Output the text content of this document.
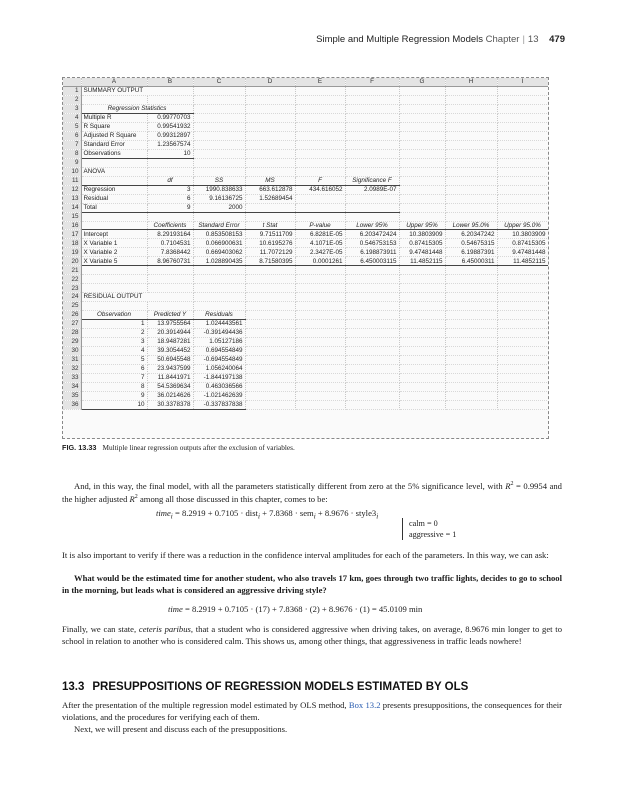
Simple and Multiple Regression Models Chapter | 13 479
	A	B	C	D	E	F	G	H	I
1	SUMMARY OUTPUT								
2									
3	Regression Statistics								
4	Multiple R	0.99770703							
5	R Square	0.99541932							
6	Adjusted R Square	0.99312897							
7	Standard Error	1.23567574							
8	Observations	10							
9									
10	ANOVA								
11		df	SS	MS	F	Significance F			
12	Regression	3	1990.838633	663.612878	434.616052	2.0989E-07			
13	Residual	6	9.16136725	1.52689454					
14	Total	9	2000						
15									
16		Coefficients	Standard Error	t Stat	P-value	Lower 95%	Upper 95%	Lower 95.0%	Upper 95.0%
17	Intercept	8.29193164	0.853508153	9.71511709	6.8281E-05	6.203472424	10.3803909	6.20347242	10.3803909
18	X Variable 1	0.7104531	0.066900631	10.6195276	4.1071E-05	0.546753153	0.87415305	0.54675315	0.87415305
19	X Variable 2	7.8368442	0.669403062	11.7072129	2.3427E-05	6.198873911	9.47481448	6.19887391	9.47481448
20	X Variable 5	8.96760731	1.028890435	8.71580395	0.0001261	6.450003115	11.4852115	6.45000311	11.4852115
21									
22									
23									
24	RESIDUAL OUTPUT								
25									
26	Observation	Predicted Y	Residuals						
27	1	13.9755564	1.024443561						
28	2	20.3914944	-0.391494436						
29	3	18.9487281	1.05127186						
30	4	39.3054452	0.694554849						
31	5	50.6945548	-0.694554849						
32	6	23.9437599	1.056240064						
33	7	11.8441971	-1.844197138						
34	8	54.5369634	0.463036566						
35	9	36.0214626	-1.021462639						
36	10	30.3378378	-0.337837838						
FIG. 13.33 Multiple linear regression outputs after the exclusion of variables.
And, in this way, the final model, with all the parameters statistically different from zero at the 5% significance level, with $R^2 = 0.9954$ and the higher adjusted $R^2$ among all those discussed in this chapter, comes to be:
time$_i$ = 8.2919 + 0.7105 · dist$_i$ + $7.8368 \cdot sem_i + 8.9676 \cdot style3_i$
calm = 0
aggressive = 1
It is also important to verify if there was a reduction in the confidence interval amplitudes for each of the parameters. In this way, we can ask:
What would be the estimated time for another student, who also travels 17 km, goes through two traffic lights, decides to go to school in the morning, but leads what is considered an aggressive driving style?
time = 8.2919 + 0.7105 · (17) + 7.8368 · (2) + 8.9676 · (1) = 45.0109 min
Finally, we can state, ceteris paribus, that a student who is considered aggressive when driving takes, on average, 8.9676 min longer to get to school in relation to another who is considered calm. This shows us, among other things, that aggressiveness in traffic leads nowhere!
13.3 PRESUPPOSITIONS OF REGRESSION MODELS ESTIMATED BY OLS
After the presentation of the multiple regression model estimated by OLS method, Box 13.2 presents presuppositions, the consequences for their violations, and the procedures for verifying each of them.
Next, we will present and discuss each of the presuppositions.
